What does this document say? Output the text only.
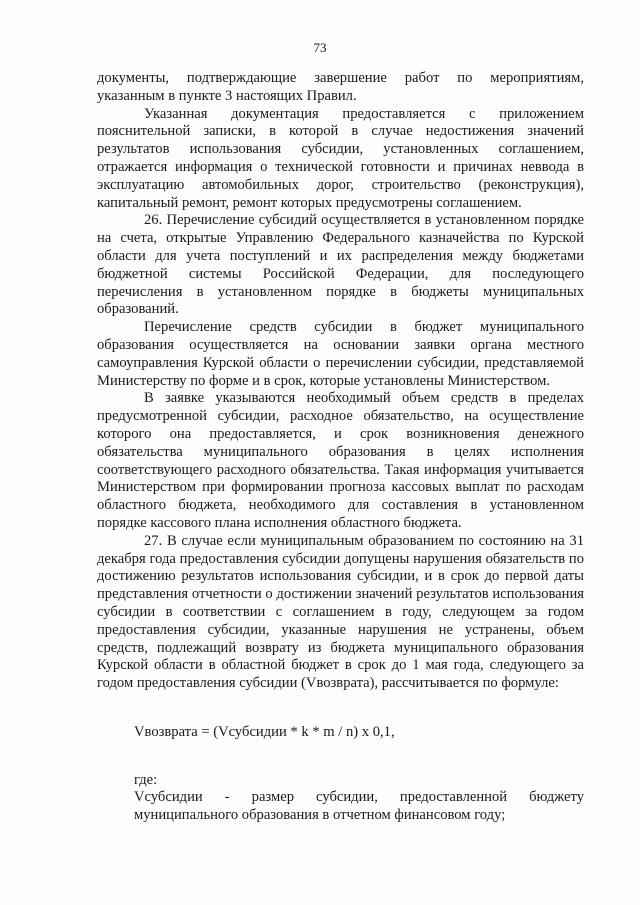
73

документы, подтверждающие завершение работ по мероприятиям, указанным в пункте 3 настоящих Правил.

Указанная документация предоставляется с приложением пояснительной записки, в которой в случае недостижения значений результатов использования субсидии, установленных соглашением, отражается информация о технической готовности и причинах неввода в эксплуатацию автомобильных дорог, строительство (реконструкция), капитальный ремонт, ремонт которых предусмотрены соглашением.

26. Перечисление субсидий осуществляется в установленном порядке на счета, открытые Управлению Федерального казначейства по Курской области для учета поступлений и их распределения между бюджетами бюджетной системы Российской Федерации, для последующего перечисления в установленном порядке в бюджеты муниципальных образований.

Перечисление средств субсидии в бюджет муниципального образования осуществляется на основании заявки органа местного самоуправления Курской области о перечислении субсидии, представляемой Министерству по форме и в срок, которые установлены Министерством.

В заявке указываются необходимый объем средств в пределах предусмотренной субсидии, расходное обязательство, на осуществление которого она предоставляется, и срок возникновения денежного обязательства муниципального образования в целях исполнения соответствующего расходного обязательства. Такая информация учитывается Министерством при формировании прогноза кассовых выплат по расходам областного бюджета, необходимого для составления в установленном порядке кассового плана исполнения областного бюджета.

27. В случае если муниципальным образованием по состоянию на 31 декабря года предоставления субсидии допущены нарушения обязательств по достижению результатов использования субсидии, и в срок до первой даты представления отчетности о достижении значений результатов использования субсидии в соответствии с соглашением в году, следующем за годом предоставления субсидии, указанные нарушения не устранены, объем средств, подлежащий возврату из бюджета муниципального образования Курской области в областной бюджет в срок до 1 мая года, следующего за годом предоставления субсидии (Vвозврата), рассчитывается по формуле:

Vвозврата = (Vсубсидии * k * m / n) x 0,1,

где:

Vсубсидии - размер субсидии, предоставленной бюджету муниципального образования в отчетном финансовом году;
